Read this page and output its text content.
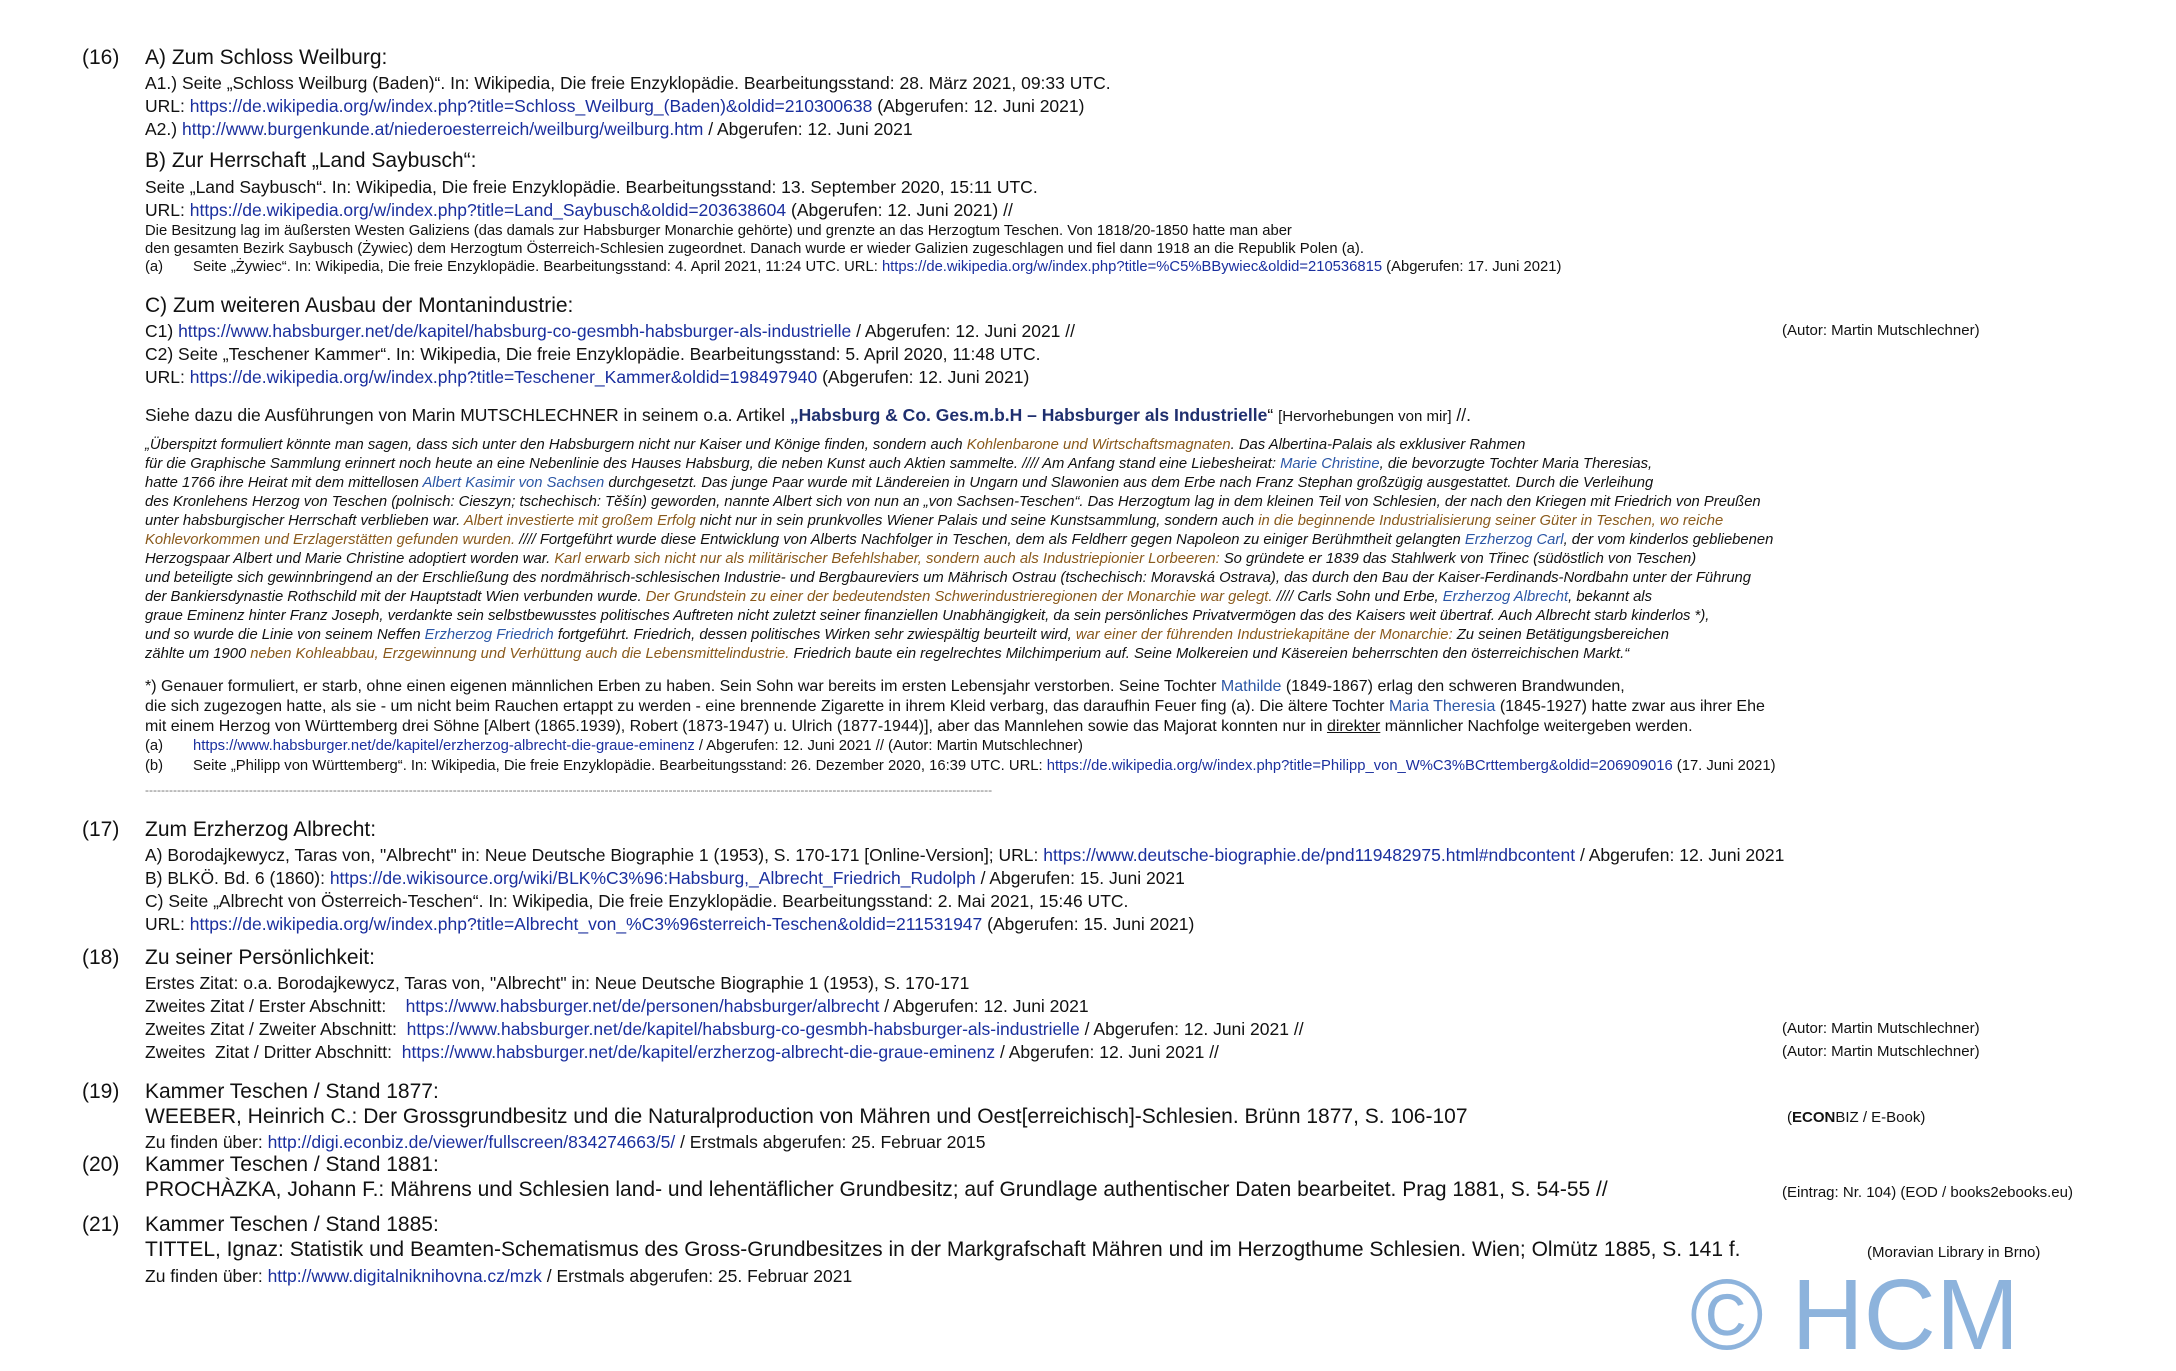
(16) A) Zum Schloss Weilburg:
A1.) Seite „Schloss Weilburg (Baden)“. In: Wikipedia, Die freie Enzyklopädie. Bearbeitungsstand: 28. März 2021, 09:33 UTC.
URL: https://de.wikipedia.org/w/index.php?title=Schloss_Weilburg_(Baden)&oldid=210300638 (Abgerufen: 12. Juni 2021)
A2.) http://www.burgenkunde.at/niederoesterreich/weilburg/weilburg.htm / Abgerufen: 12. Juni 2021
B) Zur Herrschaft „Land Saybusch“:
Seite „Land Saybusch“. In: Wikipedia, Die freie Enzyklopädie. Bearbeitungsstand: 13. September 2020, 15:11 UTC.
URL: https://de.wikipedia.org/w/index.php?title=Land_Saybusch&oldid=203638604 (Abgerufen: 12. Juni 2021) //
Die Besitzung lag im äußersten Westen Galiziens (das damals zur Habsburger Monarchie gehörte) und grenzte an das Herzogtum Teschen. Von 1818/20-1850 hatte man aber
den gesamten Bezirk Saybusch (Żywiec) dem Herzogtum Österreich-Schlesien zugeordnet. Danach wurde er wieder Galizien zugeschlagen und fiel dann 1918 an die Republik Polen (a).
(a) Seite „Żywiec“. In: Wikipedia, Die freie Enzyklopädie. Bearbeitungsstand: 4. April 2021, 11:24 UTC. URL: https://de.wikipedia.org/w/index.php?title=%C5%BBywiec&oldid=210536815 (Abgerufen: 17. Juni 2021)
C) Zum weiteren Ausbau der Montanindustrie:
C1) https://www.habsburger.net/de/kapitel/habsburg-co-gesmbh-habsburger-als-industrielle / Abgerufen: 12. Juni 2021 //	(Autor: Martin Mutschlechner)
C2) Seite „Teschener Kammer“. In: Wikipedia, Die freie Enzyklopädie. Bearbeitungsstand: 5. April 2020, 11:48 UTC.
URL: https://de.wikipedia.org/w/index.php?title=Teschener_Kammer&oldid=198497940 (Abgerufen: 12. Juni 2021)
Siehe dazu die Ausführungen von Marin MUTSCHLECHNER in seinem o.a. Artikel „Habsburg & Co. Ges.m.b.H – Habsburger als Industrielle“ [Hervorhebungen von mir] //.
„Überspitzt formuliert könnte man sagen, dass sich unter den Habsburgern nicht nur Kaiser und Könige finden, sondern auch Kohlenbarone und Wirtschaftsmagnaten. Das Albertina-Palais als exklusiver Rahmen
für die Graphische Sammlung erinnert noch heute an eine Nebenlinie des Hauses Habsburg, die neben Kunst auch Aktien sammelte. //// Am Anfang stand eine Liebesheirat: Marie Christine, die bevorzugte Tochter Maria Theresias,
hatte 1766 ihre Heirat mit dem mittellosen Albert Kasimir von Sachsen durchgesetzt. Das junge Paar wurde mit Ländereien in Ungarn und Slawonien aus dem Erbe nach Franz Stephan großzügig ausgestattet. Durch die Verleihung
des Kronlehens Herzog von Teschen (polnisch: Cieszyn; tschechisch: Těšín) geworden, nannte Albert sich von nun an „von Sachsen-Teschen“. Das Herzogtum lag in dem kleinen Teil von Schlesien, der nach den Kriegen mit Friedrich von Preußen
unter habsburgischer Herrschaft verblieben war. Albert investierte mit großem Erfolg nicht nur in sein prunkvolles Wiener Palais und seine Kunstsammlung, sondern auch in die beginnende Industrialisierung seiner Güter in Teschen, wo reiche
Kohlevorkommen und Erzlagerstätten gefunden wurden. //// Fortgeführt wurde diese Entwicklung von Alberts Nachfolger in Teschen, dem als Feldherr gegen Napoleon zu einiger Berühmtheit gelangten Erzherzog Carl, der vom kinderlos gebliebenen
Herzogspaar Albert und Marie Christine adoptiert worden war. Karl erwarb sich nicht nur als militärischer Befehlshaber, sondern auch als Industriepionier Lorbeeren: So gründete er 1839 das Stahlwerk von Třinec (südöstlich von Teschen)
und beteiligte sich gewinnbringend an der Erschließung des nordmährisch-schlesischen Industrie- und Bergbaureviers um Mährisch Ostrau (tschechisch: Moravská Ostrava), das durch den Bau der Kaiser-Ferdinands-Nordbahn unter der Führung
der Bankiersdynastie Rothschild mit der Hauptstadt Wien verbunden wurde. Der Grundstein zu einer der bedeutendsten Schwerindustrieregionen der Monarchie war gelegt. //// Carls Sohn und Erbe, Erzherzog Albrecht, bekannt als
graue Eminenz hinter Franz Joseph, verdankte sein selbstbewusstes politisches Auftreten nicht zuletzt seiner finanziellen Unabhängigkeit, da sein persönliches Privatvermögen das des Kaisers weit übertraf. Auch Albrecht starb kinderlos *),
und so wurde die Linie von seinem Neffen Erzherzog Friedrich fortgeführt. Friedrich, dessen politisches Wirken sehr zwiespältig beurteilt wird, war einer der führenden Industriekapitäne der Monarchie: Zu seinen Betätigungsbereichen
zählte um 1900 neben Kohleabbau, Erzgewinnung und Verhüttung auch die Lebensmittelindustrie. Friedrich baute ein regelrechtes Milchimperium auf. Seine Molkereien und Käsereien beherrschten den österreichischen Markt.“
*) Genauer formuliert, er starb, ohne einen eigenen männlichen Erben zu haben. Sein Sohn war bereits im ersten Lebensjahr verstorben. Seine Tochter Mathilde (1849-1867) erlag den schweren Brandwunden,
die sich zugezogen hatte, als sie - um nicht beim Rauchen ertappt zu werden - eine brennende Zigarette in ihrem Kleid verbarg, das daraufhin Feuer fing (a). Die ältere Tochter Maria Theresia (1845-1927) hatte zwar aus ihrer Ehe
mit einem Herzog von Württemberg drei Söhne [Albert (1865.1939), Robert (1873-1947) u. Ulrich (1877-1944)], aber das Mannlehen sowie das Majorat konnten nur in direkter männlicher Nachfolge weitergeben werden.
(a) https://www.habsburger.net/de/kapitel/erzherzog-albrecht-die-graue-eminenz / Abgerufen: 12. Juni 2021 // (Autor: Martin Mutschlechner)
(b) Seite „Philipp von Württemberg“. In: Wikipedia, Die freie Enzyklopädie. Bearbeitungsstand: 26. Dezember 2020, 16:39 UTC. URL: https://de.wikipedia.org/w/index.php?title=Philipp_von_W%C3%BCrttemberg&oldid=206909016 (17. Juni 2021)
--------------------------------------------------------------------------------------------------------------------------------------------------------------------------------------------------------------------
(17) Zum Erzherzog Albrecht:
A) Borodajkewycz, Taras von, "Albrecht" in: Neue Deutsche Biographie 1 (1953), S. 170-171 [Online-Version]; URL: https://www.deutsche-biographie.de/pnd119482975.html#ndbcontent / Abgerufen: 12. Juni 2021
B) BLKÖ. Bd. 6 (1860): https://de.wikisource.org/wiki/BLK%C3%96:Habsburg,_Albrecht_Friedrich_Rudolph / Abgerufen: 15. Juni 2021
C) Seite „Albrecht von Österreich-Teschen“. In: Wikipedia, Die freie Enzyklopädie. Bearbeitungsstand: 2. Mai 2021, 15:46 UTC.
URL: https://de.wikipedia.org/w/index.php?title=Albrecht_von_%C3%96sterreich-Teschen&oldid=211531947 (Abgerufen: 15. Juni 2021)
(18) Zu seiner Persönlichkeit:
Erstes Zitat: o.a. Borodajkewycz, Taras von, "Albrecht" in: Neue Deutsche Biographie 1 (1953), S. 170-171
Zweites Zitat / Erster Abschnitt:    https://www.habsburger.net/de/personen/habsburger/albrecht / Abgerufen: 12. Juni 2021
Zweites Zitat / Zweiter Abschnitt:  https://www.habsburger.net/de/kapitel/habsburg-co-gesmbh-habsburger-als-industrielle / Abgerufen: 12. Juni 2021 //	(Autor: Martin Mutschlechner)
Zweites  Zitat / Dritter Abschnitt:  https://www.habsburger.net/de/kapitel/erzherzog-albrecht-die-graue-eminenz / Abgerufen: 12. Juni 2021 //	(Autor: Martin Mutschlechner)
(19) Kammer Teschen / Stand 1877:
WEEBER, Heinrich C.: Der Grossgrundbesitz und die Naturalproduction von Mähren und Oest[erreichisch]-Schlesien. Brünn 1877, S. 106-107	(ECONBIZ / E-Book)
Zu finden über: http://digi.econbiz.de/viewer/fullscreen/834274663/5/ / Erstmals abgerufen: 25. Februar 2015
(20) Kammer Teschen / Stand 1881:
PROCHÀZKA, Johann F.: Mährens und Schlesien land- und lehentäflicher Grundbesitz; auf Grundlage authentischer Daten bearbeitet. Prag 1881, S. 54-55 //	(Eintrag: Nr. 104) (EOD / books2ebooks.eu)
(21) Kammer Teschen / Stand 1885:
TITTEL, Ignaz: Statistik und Beamten-Schematismus des Gross-Grundbesitzes in der Markgrafschaft Mähren und im Herzogthume Schlesien. Wien; Olmütz 1885, S. 141 f.	(Moravian Library in Brno)
Zu finden über: http://www.digitalniknihovna.cz/mzk / Erstmals abgerufen: 25. Februar 2021	© HCM
